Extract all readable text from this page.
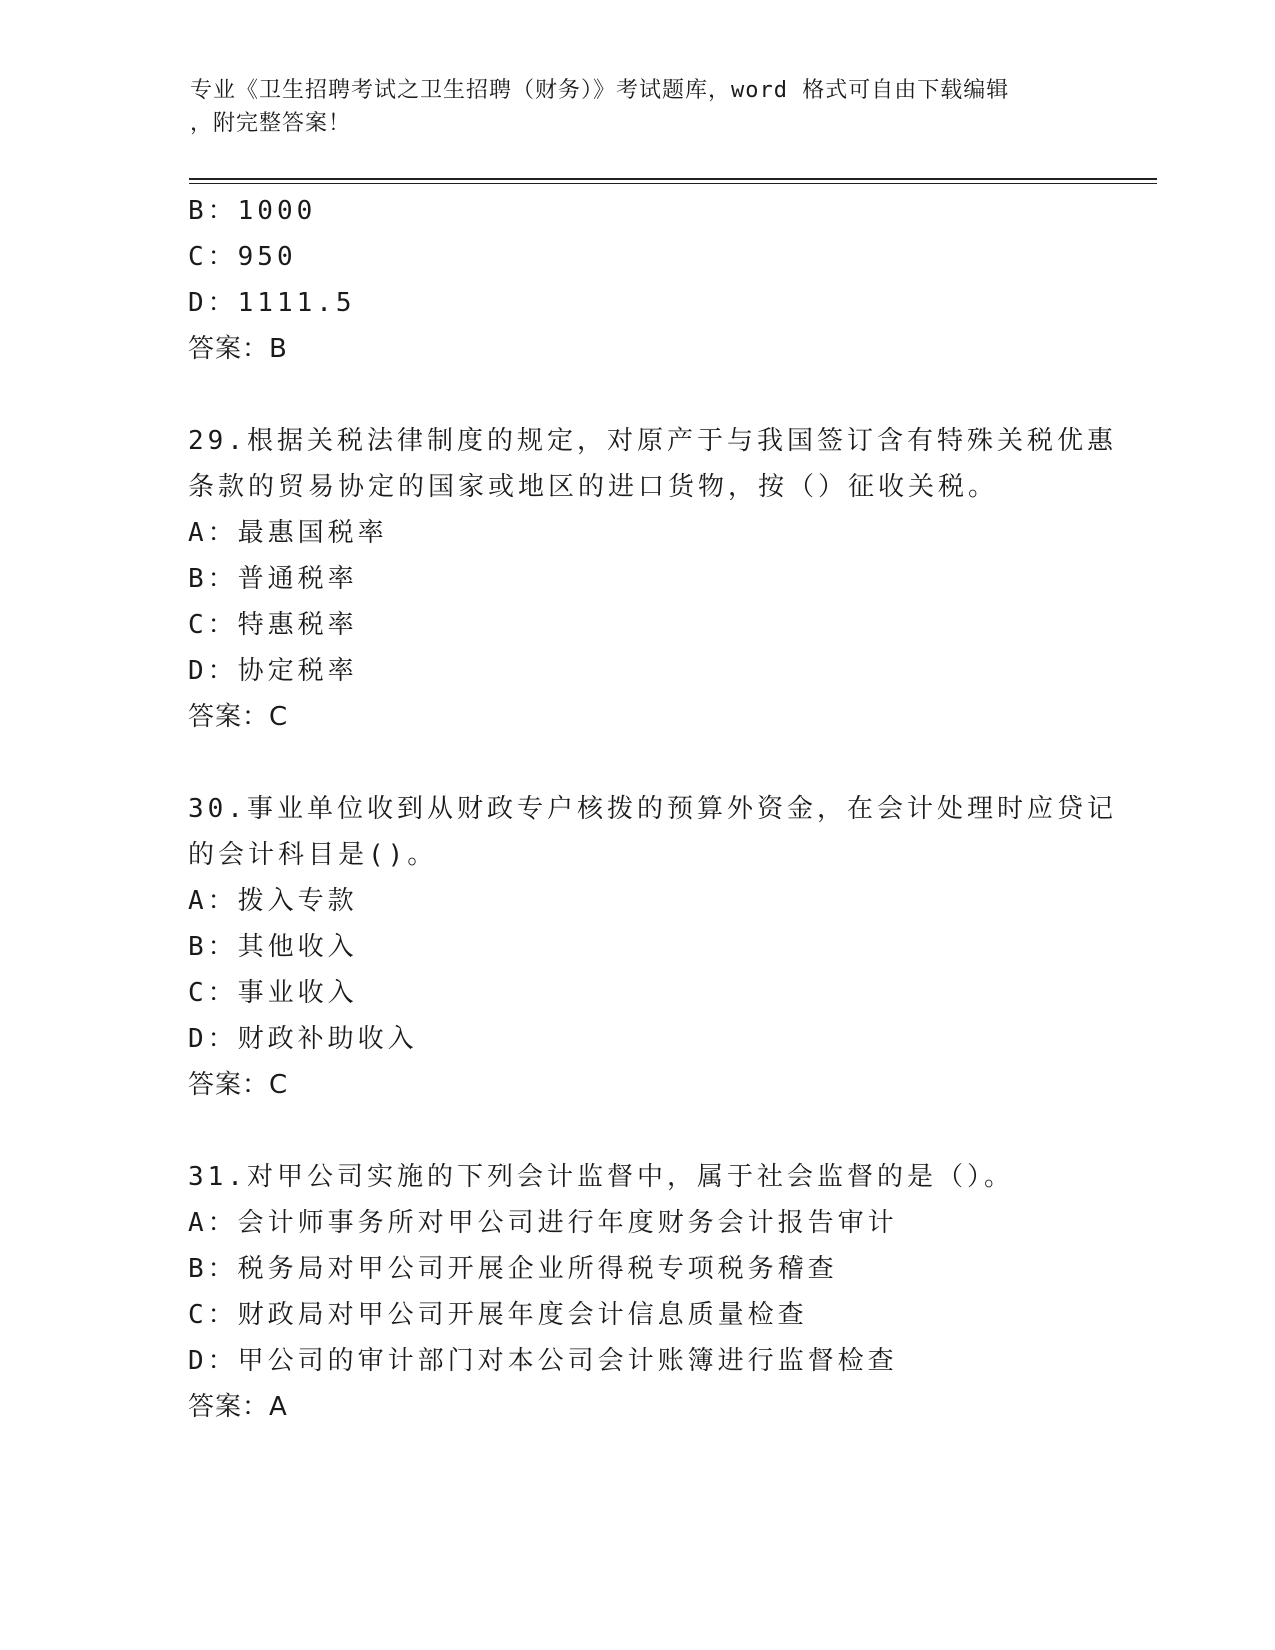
专业《卫生招聘考试之卫生招聘（财务）》考试题库，word 格式可自由下载编辑
，附完整答案！
B：1000
C：950
D：1111.5
答案：B
29.根据关税法律制度的规定，对原产于与我国签订含有特殊关税优惠
条款的贸易协定的国家或地区的进口货物，按（）征收关税。
A：最惠国税率
B：普通税率
C：特惠税率
D：协定税率
答案：C
30.事业单位收到从财政专户核拨的预算外资金，在会计处理时应贷记
的会计科目是()。
A：拨入专款
B：其他收入
C：事业收入
D：财政补助收入
答案：C
31.对甲公司实施的下列会计监督中，属于社会监督的是（）。
A：会计师事务所对甲公司进行年度财务会计报告审计
B：税务局对甲公司开展企业所得税专项税务稽查
C：财政局对甲公司开展年度会计信息质量检查
D：甲公司的审计部门对本公司会计账簿进行监督检查
答案：A
